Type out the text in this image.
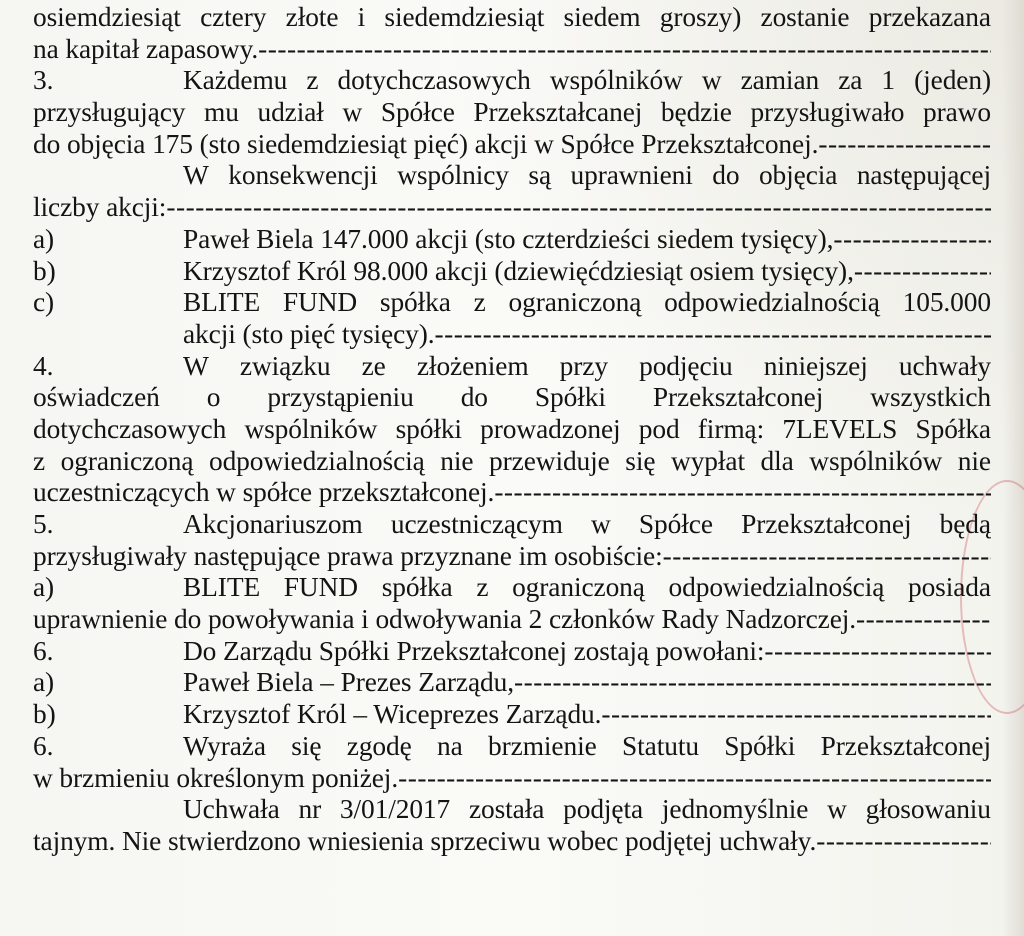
osiemdziesiąt cztery złote i siedemdziesiąt siedem groszy) zostanie przekazana
na kapitał zapasowy.
-----
3.	Każdemu z dotychczasowych wspólników w zamian za 1 (jeden)
przysługujący mu udział w Spółce Przekształcanej będzie przysługiwało prawo
do objęcia 175 (sto siedemdziesiąt pięć) akcji w Spółce Przekształconej.
-----
W konsekwencji wspólnicy są uprawnieni do objęcia następującej
liczby akcji:
-----
a)	Paweł Biela 147.000 akcji (sto czterdzieści siedem tysięcy),
-----
b)	Krzysztof Król 98.000 akcji (dziewięćdziesiąt osiem tysięcy),
-----
c)	BLITE FUND spółka z ograniczoną odpowiedzialnością 105.000
akcji (sto pięć tysięcy).
-----
4.	W związku ze złożeniem przy podjęciu niniejszej uchwały
oświadczeń o przystąpieniu do Spółki Przekształconej wszystkich
dotychczasowych wspólników spółki prowadzonej pod firmą: 7LEVELS Spółka
z ograniczoną odpowiedzialnością nie przewiduje się wypłat dla wspólników nie
uczestniczących w spółce przekształconej.
-----
5.	Akcjonariuszom uczestniczącym w Spółce Przekształconej będą
przysługiwały następujące prawa przyznane im osobiście:
-----
a)	BLITE FUND spółka z ograniczoną odpowiedzialnością posiada
uprawnienie do powoływania i odwoływania 2 członków Rady Nadzorczej.
-----
6.	Do Zarządu Spółki Przekształconej zostają powołani:
-----
a)	Paweł Biela – Prezes Zarządu,
-----
b)	Krzysztof Król – Wiceprezes Zarządu.
-----
6.	Wyraża się zgodę na brzmienie Statutu Spółki Przekształconej
w brzmieniu określonym poniżej.
-----
Uchwała nr 3/01/2017 została podjęta jednomyślnie w głosowaniu
tajnym. Nie stwierdzono wniesienia sprzeciwu wobec podjętej uchwały.
-----
